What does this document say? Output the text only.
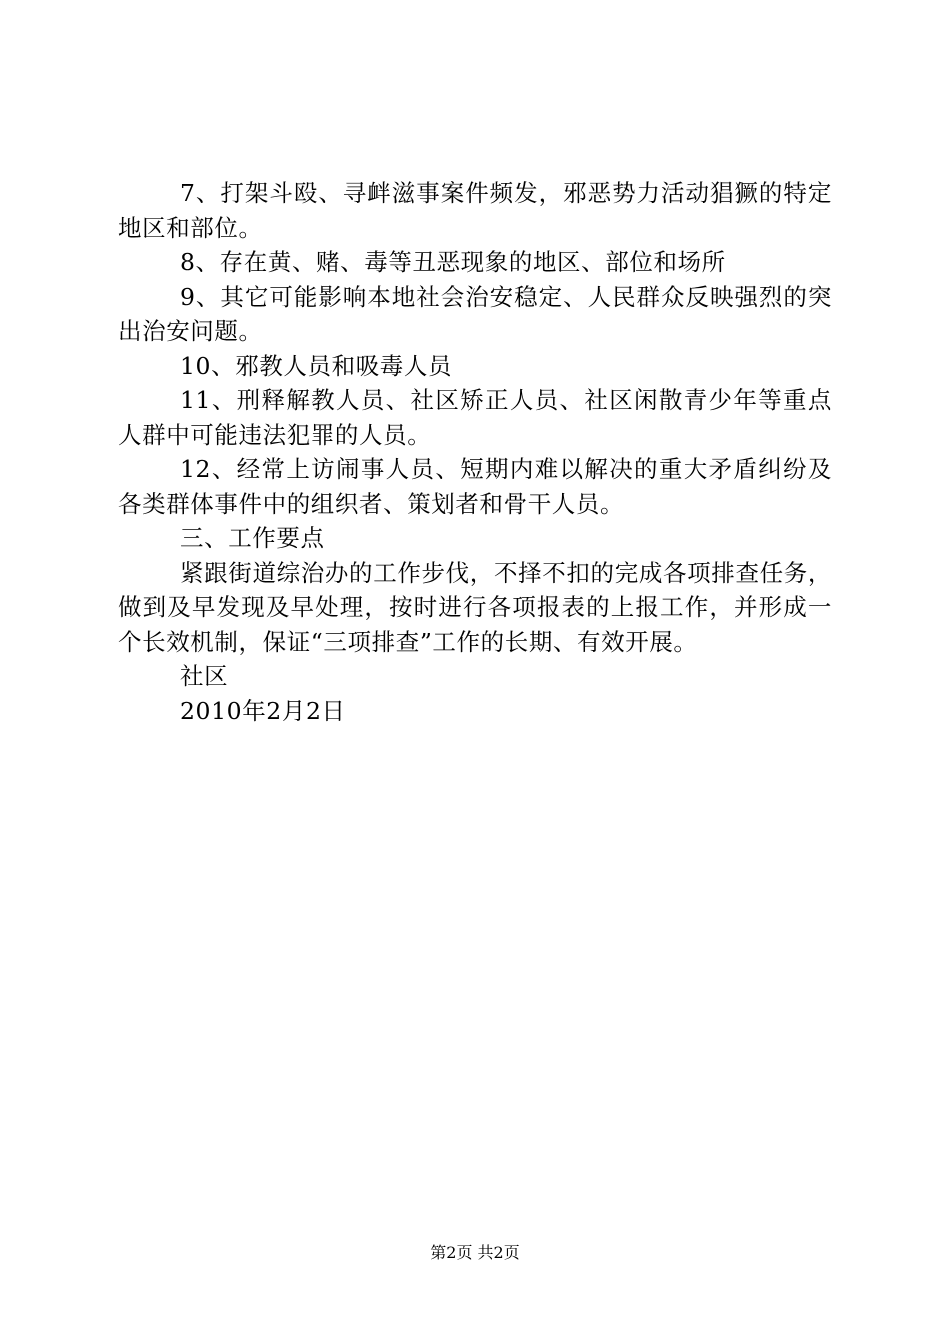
7、打架斗殴、寻衅滋事案件频发，邪恶势力活动猖獗的特定地区和部位。

8、存在黄、赌、毒等丑恶现象的地区、部位和场所

9、其它可能影响本地社会治安稳定、人民群众反映强烈的突出治安问题。

10、邪教人员和吸毒人员

11、刑释解教人员、社区矫正人员、社区闲散青少年等重点人群中可能违法犯罪的人员。

12、经常上访闹事人员、短期内难以解决的重大矛盾纠纷及各类群体事件中的组织者、策划者和骨干人员。

三、工作要点

紧跟街道综治办的工作步伐，不择不扣的完成各项排查任务，做到及早发现及早处理，按时进行各项报表的上报工作，并形成一个长效机制，保证“三项排查”工作的长期、有效开展。

社区

2010年2月2日

第2页 共2页
